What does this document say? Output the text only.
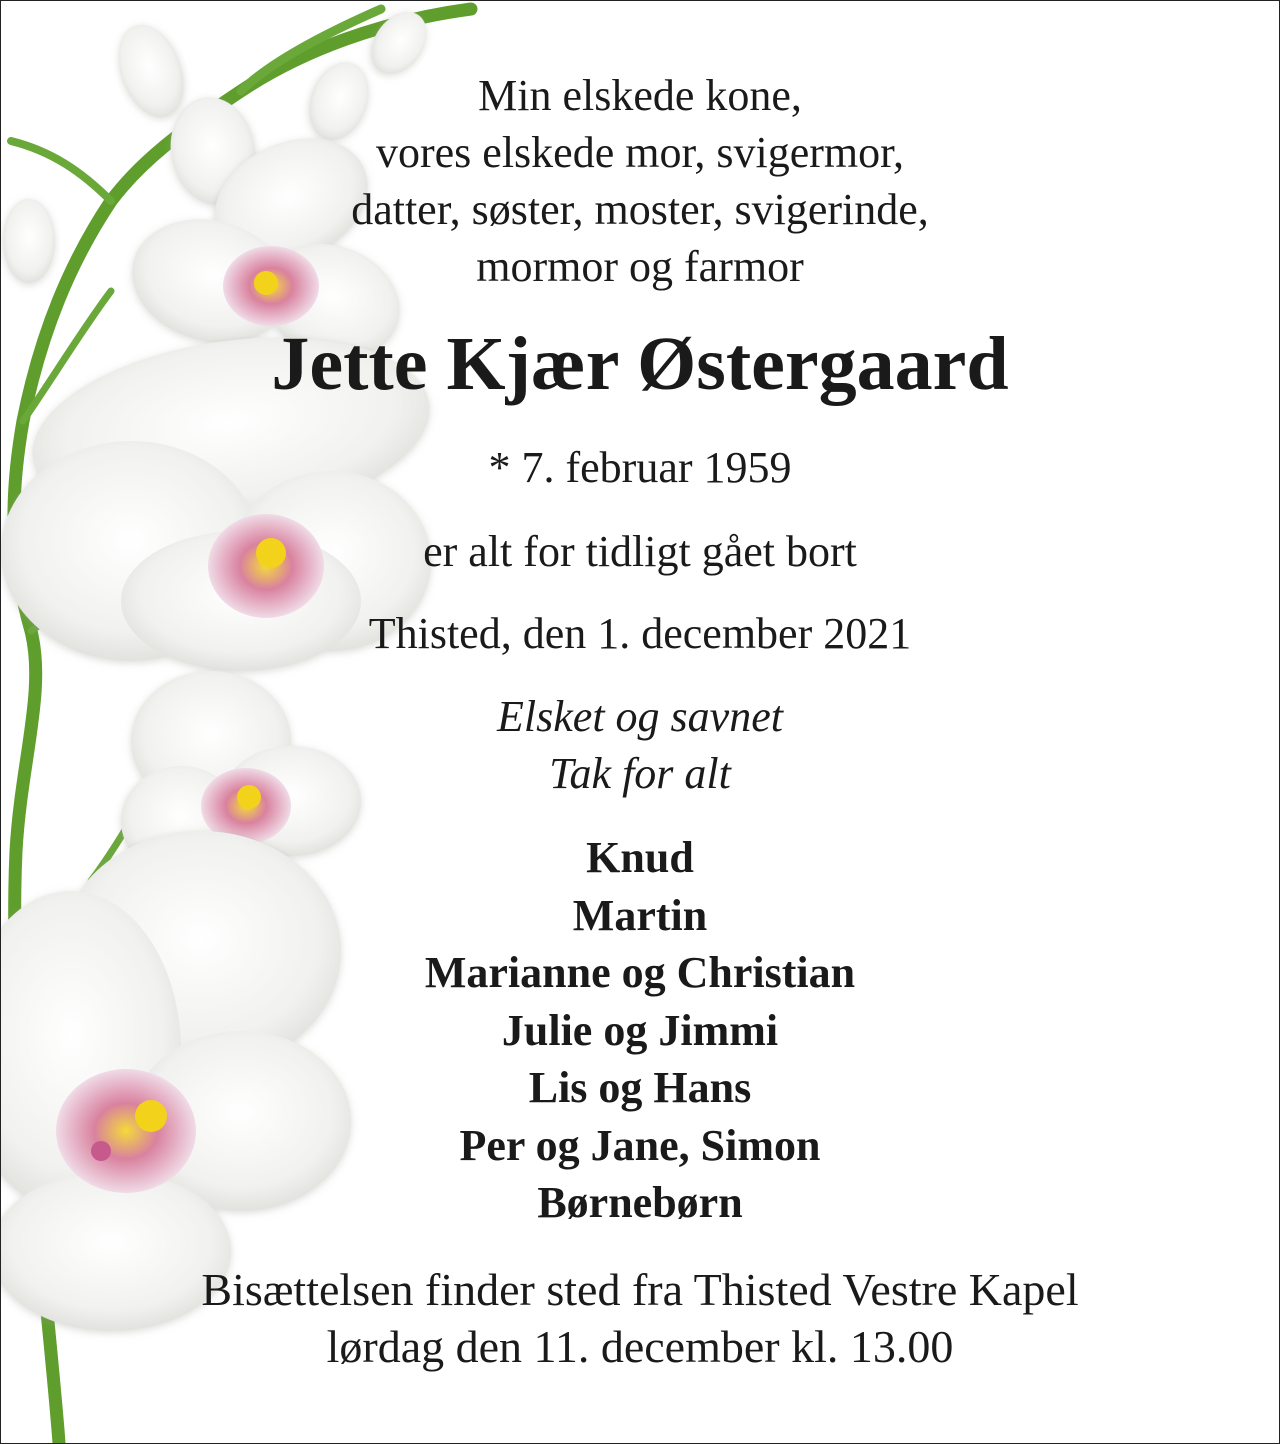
Min elskede kone,
vores elskede mor, svigermor,
datter, søster, moster, svigerinde,
mormor og farmor
Jette Kjær Østergaard
* 7. februar 1959
er alt for tidligt gået bort
Thisted, den 1. december 2021
Elsket og savnet
Tak for alt
Knud
Martin
Marianne og Christian
Julie og Jimmi
Lis og Hans
Per og Jane, Simon
Børnebørn
Bisættelsen finder sted fra Thisted Vestre Kapel
lørdag den 11. december kl. 13.00
